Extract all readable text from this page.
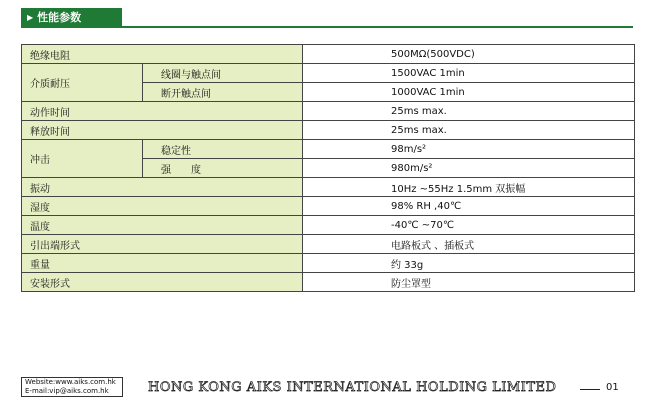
▶ 性能参数
绝缘电阻		500MΩ(500VDC)
介质耐压	线圈与触点间	1500VAC 1min
	断开触点间	1000VAC 1min
动作时间		25ms max.
释放时间		25ms max.
冲击	稳定性	98m/s²
	强　　度	980m/s²
振动		10Hz ~55Hz 1.5mm 双振幅
湿度		98% RH ,40℃
温度		-40℃ ~70℃
引出端形式		电路板式 、插板式
重量		约 33g
安装形式		防尘罩型
Website:www.aiks.com.hk
E-mail:vip@aiks.com.hk	HONG KONG AIKS INTERNATIONAL HOLDING LIMITED	01
